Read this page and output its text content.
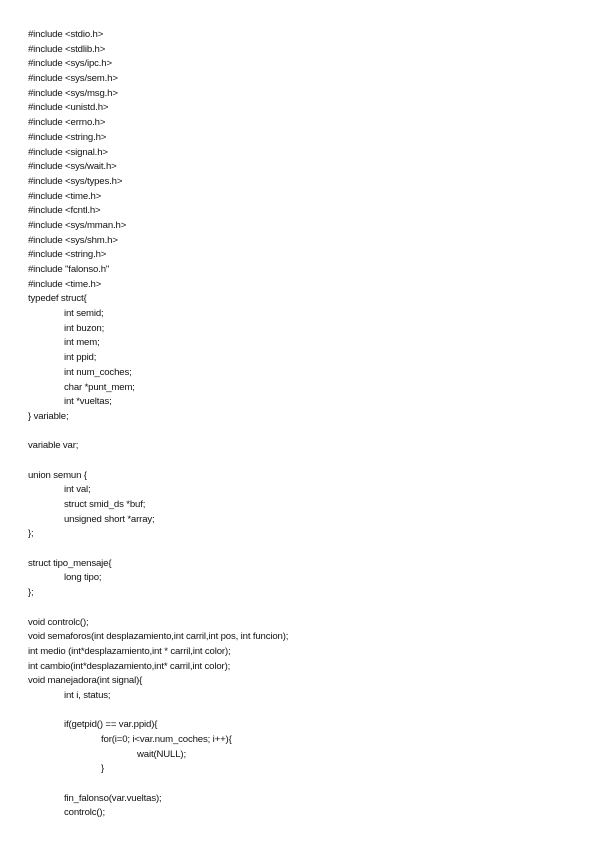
#include <stdio.h>
#include <stdlib.h>
#include <sys/ipc.h>
#include <sys/sem.h>
#include <sys/msg.h>
#include <unistd.h>
#include <errno.h>
#include <string.h>
#include <signal.h>
#include <sys/wait.h>
#include <sys/types.h>
#include <time.h>
#include <fcntl.h>
#include <sys/mman.h>
#include <sys/shm.h>
#include <string.h>
#include "falonso.h"
#include <time.h>
typedef struct{
int semid;
int buzon;
int mem;
int ppid;
int num_coches;
char *punt_mem;
int *vueltas;
} variable;
variable var;
union semun {
int val;
struct smid_ds *buf;
unsigned short *array;
};
struct tipo_mensaje{
long tipo;
};
void controlc();
void semaforos(int desplazamiento,int carril,int pos, int funcion);
int medio (int*desplazamiento,int * carril,int color);
int cambio(int*desplazamiento,int* carril,int color);
void manejadora(int signal){
int i, status;
if(getpid() == var.ppid){
for(i=0; i<var.num_coches; i++){
wait(NULL);
}
fin_falonso(var.vueltas);
controlc();
